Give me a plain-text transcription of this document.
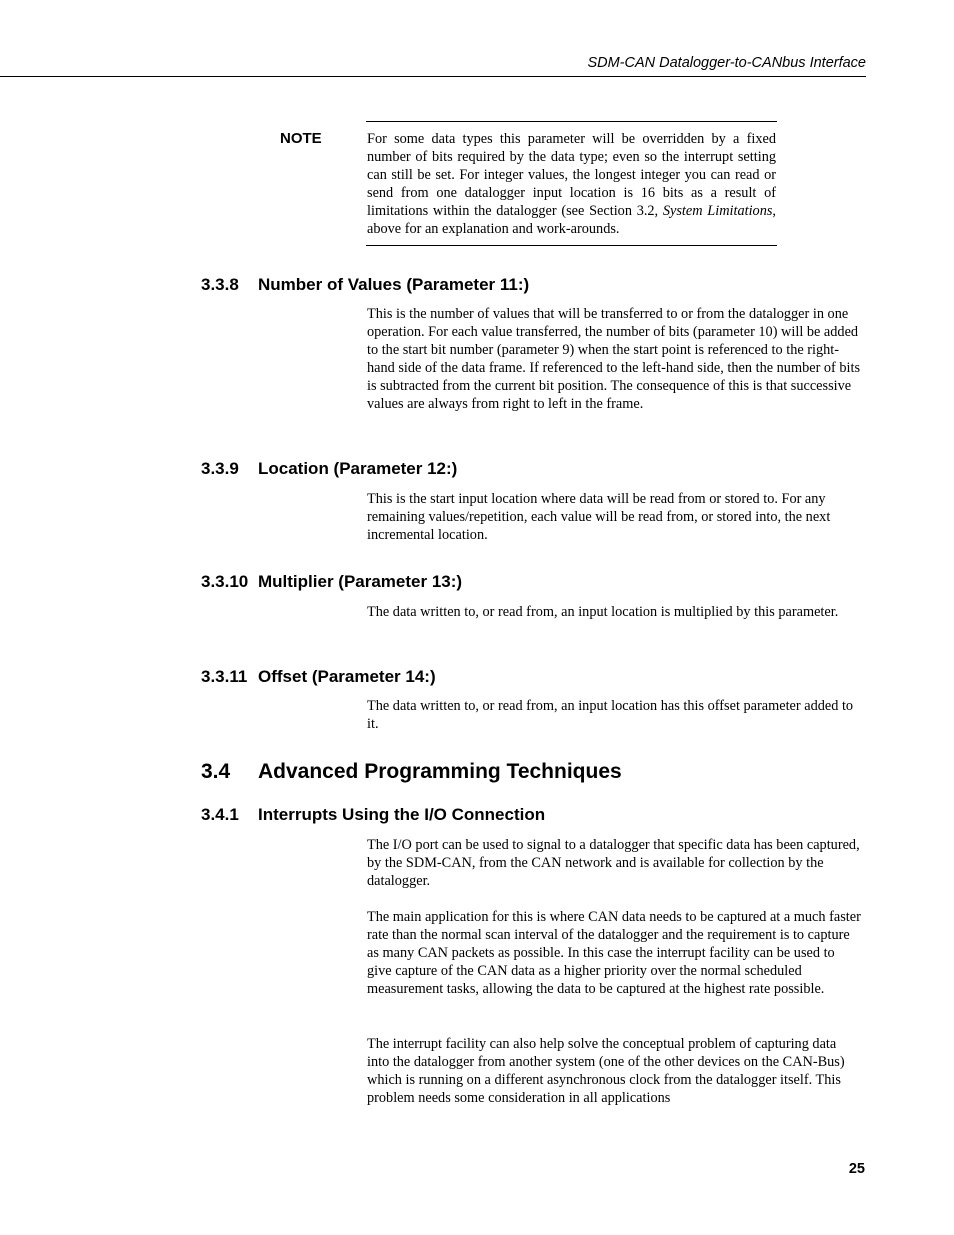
SDM-CAN Datalogger-to-CANbus Interface
NOTE	For some data types this parameter will be overridden by a fixed number of bits required by the data type; even so the interrupt setting can still be set. For integer values, the longest integer you can read or send from one datalogger input location is 16 bits as a result of limitations within the datalogger (see Section 3.2, System Limitations, above for an explanation and work-arounds.
3.3.8 Number of Values (Parameter 11:)

This is the number of values that will be transferred to or from the datalogger in one operation. For each value transferred, the number of bits (parameter 10) will be added to the start bit number (parameter 9) when the start point is referenced to the right-hand side of the data frame. If referenced to the left-hand side, then the number of bits is subtracted from the current bit position. The consequence of this is that successive values are always from right to left in the frame.

3.3.9 Location (Parameter 12:)

This is the start input location where data will be read from or stored to. For any remaining values/repetition, each value will be read from, or stored into, the next incremental location.

3.3.10 Multiplier (Parameter 13:)

The data written to, or read from, an input location is multiplied by this parameter.

3.3.11 Offset (Parameter 14:)

The data written to, or read from, an input location has this offset parameter added to it.

3.4 Advanced Programming Techniques
3.4.1 Interrupts Using the I/O Connection

The I/O port can be used to signal to a datalogger that specific data has been captured, by the SDM-CAN, from the CAN network and is available for collection by the datalogger.

The main application for this is where CAN data needs to be captured at a much faster rate than the normal scan interval of the datalogger and the requirement is to capture as many CAN packets as possible. In this case the interrupt facility can be used to give capture of the CAN data as a higher priority over the normal scheduled measurement tasks, allowing the data to be captured at the highest rate possible.

The interrupt facility can also help solve the conceptual problem of capturing data into the datalogger from another system (one of the other devices on the CAN-Bus) which is running on a different asynchronous clock from the datalogger itself. This problem needs some consideration in all applications

25
